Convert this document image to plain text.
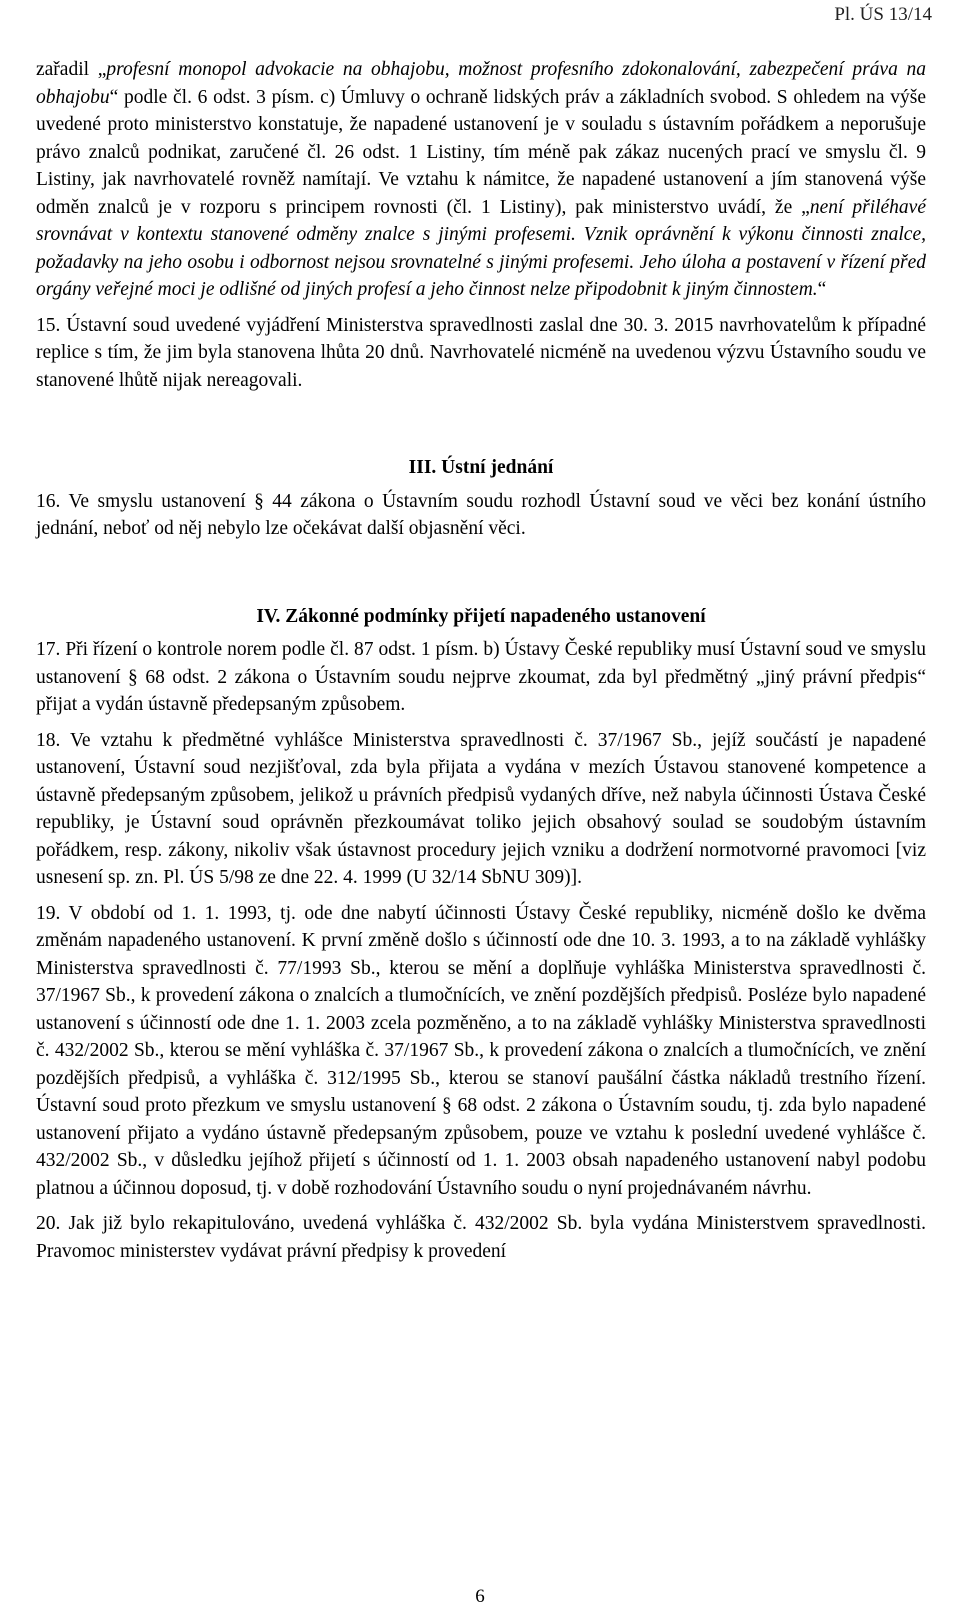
Pl. ÚS 13/14

zařadil „profesní monopol advokacie na obhajobu, možnost profesního zdokonalování, zabezpečení práva na obhajobu“ podle čl. 6 odst. 3 písm. c) Úmluvy o ochraně lidských práv a základních svobod. S ohledem na výše uvedené proto ministerstvo konstatuje, že napadené ustanovení je v souladu s ústavním pořádkem a neporušuje právo znalců podnikat, zaručené čl. 26 odst. 1 Listiny, tím méně pak zákaz nucených prací ve smyslu čl. 9 Listiny, jak navrhovatelé rovněž namítají. Ve vztahu k námitce, že napadené ustanovení a jím stanovená výše odměn znalců je v rozporu s principem rovnosti (čl. 1 Listiny), pak ministerstvo uvádí, že „není přiléhavé srovnávat v kontextu stanovené odměny znalce s jinými profesemi. Vznik oprávnění k výkonu činnosti znalce, požadavky na jeho osobu i odbornost nejsou srovnatelné s jinými profesemi. Jeho úloha a postavení v řízení před orgány veřejné moci je odlišné od jiných profesí a jeho činnost nelze připodobnit k jiným činnostem.“

15. Ústavní soud uvedené vyjádření Ministerstva spravedlnosti zaslal dne 30. 3. 2015 navrhovatelům k případné replice s tím, že jim byla stanovena lhůta 20 dnů. Navrhovatelé nicméně na uvedenou výzvu Ústavního soudu ve stanovené lhůtě nijak nereagovali.

III. Ústní jednání

16. Ve smyslu ustanovení § 44 zákona o Ústavním soudu rozhodl Ústavní soud ve věci bez konání ústního jednání, neboť od něj nebylo lze očekávat další objasnění věci.

IV. Zákonné podmínky přijetí napadeného ustanovení

17. Při řízení o kontrole norem podle čl. 87 odst. 1 písm. b) Ústavy České republiky musí Ústavní soud ve smyslu ustanovení § 68 odst. 2 zákona o Ústavním soudu nejprve zkoumat, zda byl předmětný „jiný právní předpis“ přijat a vydán ústavně předepsaným způsobem.

18. Ve vztahu k předmětné vyhlášce Ministerstva spravedlnosti č. 37/1967 Sb., jejíž součástí je napadené ustanovení, Ústavní soud nezjišťoval, zda byla přijata a vydána v mezích Ústavou stanovené kompetence a ústavně předepsaným způsobem, jelikož u právních předpisů vydaných dříve, než nabyla účinnosti Ústava České republiky, je Ústavní soud oprávněn přezkoumávat toliko jejich obsahový soulad se soudobým ústavním pořádkem, resp. zákony, nikoliv však ústavnost procedury jejich vzniku a dodržení normotvorné pravomoci [viz usnesení sp. zn. Pl. ÚS 5/98 ze dne 22. 4. 1999 (U 32/14 SbNU 309)].

19. V období od 1. 1. 1993, tj. ode dne nabytí účinnosti Ústavy České republiky, nicméně došlo ke dvěma změnám napadeného ustanovení. K první změně došlo s účinností ode dne 10. 3. 1993, a to na základě vyhlášky Ministerstva spravedlnosti č. 77/1993 Sb., kterou se mění a doplňuje vyhláška Ministerstva spravedlnosti č. 37/1967 Sb., k provedení zákona o znalcích a tlumočnících, ve znění pozdějších předpisů. Posléze bylo napadené ustanovení s účinností ode dne 1. 1. 2003 zcela pozměněno, a to na základě vyhlášky Ministerstva spravedlnosti č. 432/2002 Sb., kterou se mění vyhláška č. 37/1967 Sb., k provedení zákona o znalcích a tlumočnících, ve znění pozdějších předpisů, a vyhláška č. 312/1995 Sb., kterou se stanoví paušální částka nákladů trestního řízení. Ústavní soud proto přezkum ve smyslu ustanovení § 68 odst. 2 zákona o Ústavním soudu, tj. zda bylo napadené ustanovení přijato a vydáno ústavně předepsaným způsobem, pouze ve vztahu k poslední uvedené vyhlášce č. 432/2002 Sb., v důsledku jejíhož přijetí s účinností od 1. 1. 2003 obsah napadeného ustanovení nabyl podobu platnou a účinnou doposud, tj. v době rozhodování Ústavního soudu o nyní projednávaném návrhu.

20. Jak již bylo rekapitulováno, uvedená vyhláška č. 432/2002 Sb. byla vydána Ministerstvem spravedlnosti. Pravomoc ministerstev vydávat právní předpisy k provedení

6
